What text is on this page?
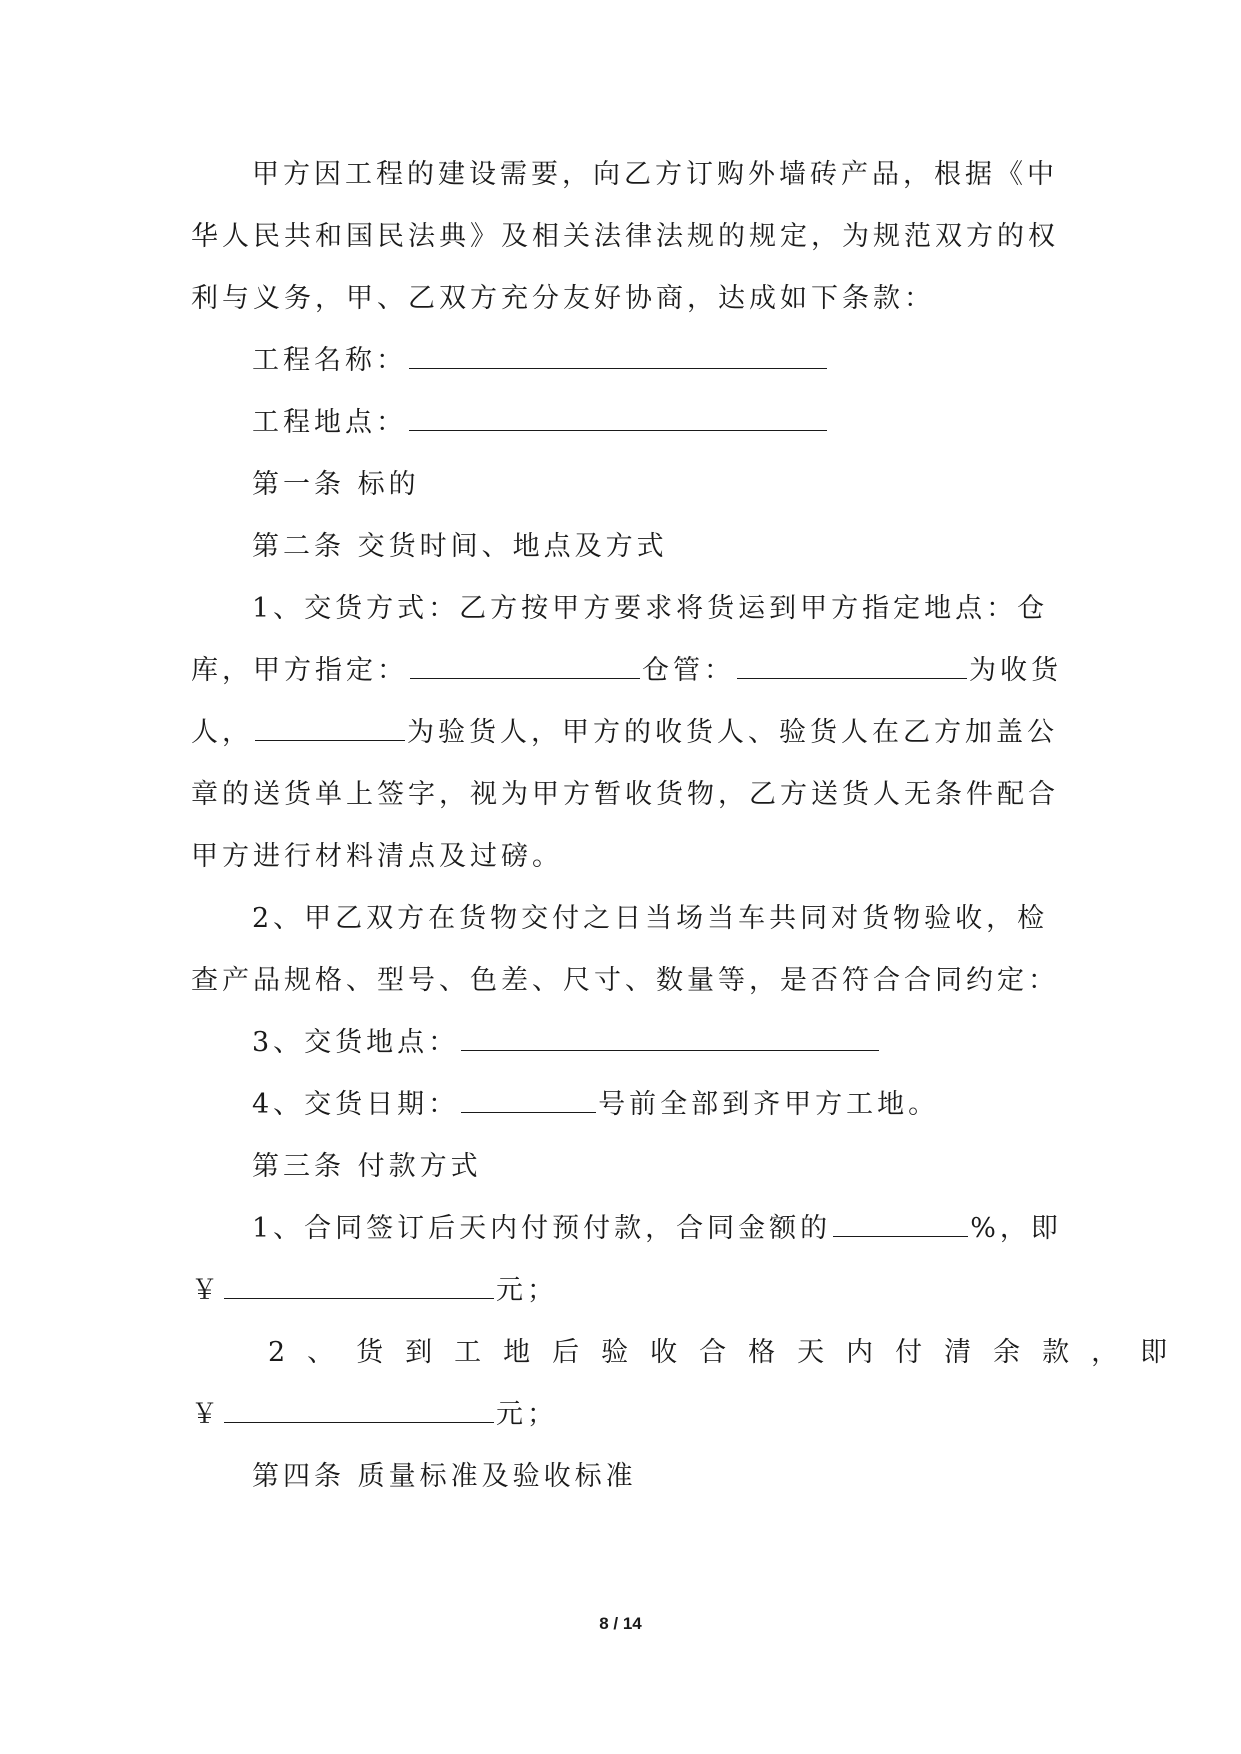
甲方因工程的建设需要，向乙方订购外墙砖产品，根据《中
华人民共和国民法典》及相关法律法规的规定，为规范双方的权
利与义务，甲、乙双方充分友好协商，达成如下条款：
工程名称：
工程地点：
第一条 标的
第二条 交货时间、地点及方式
1、交货方式：乙方按甲方要求将货运到甲方指定地点：仓
库，甲方指定：	仓管：	为收货
人，	为验货人，甲方的收货人、验货人在乙方加盖公
章的送货单上签字，视为甲方暂收货物，乙方送货人无条件配合
甲方进行材料清点及过磅。
2、甲乙双方在货物交付之日当场当车共同对货物验收，检
查产品规格、型号、色差、尺寸、数量等，是否符合合同约定：
3、交货地点：
4、交货日期：	号前全部到齐甲方工地。
第三条 付款方式
1、合同签订后天内付预付款，合同金额的	%，即
￥	元；
2、货到工地后验收合格天内付清余款，即
￥	元；
第四条 质量标准及验收标准
8 / 14
